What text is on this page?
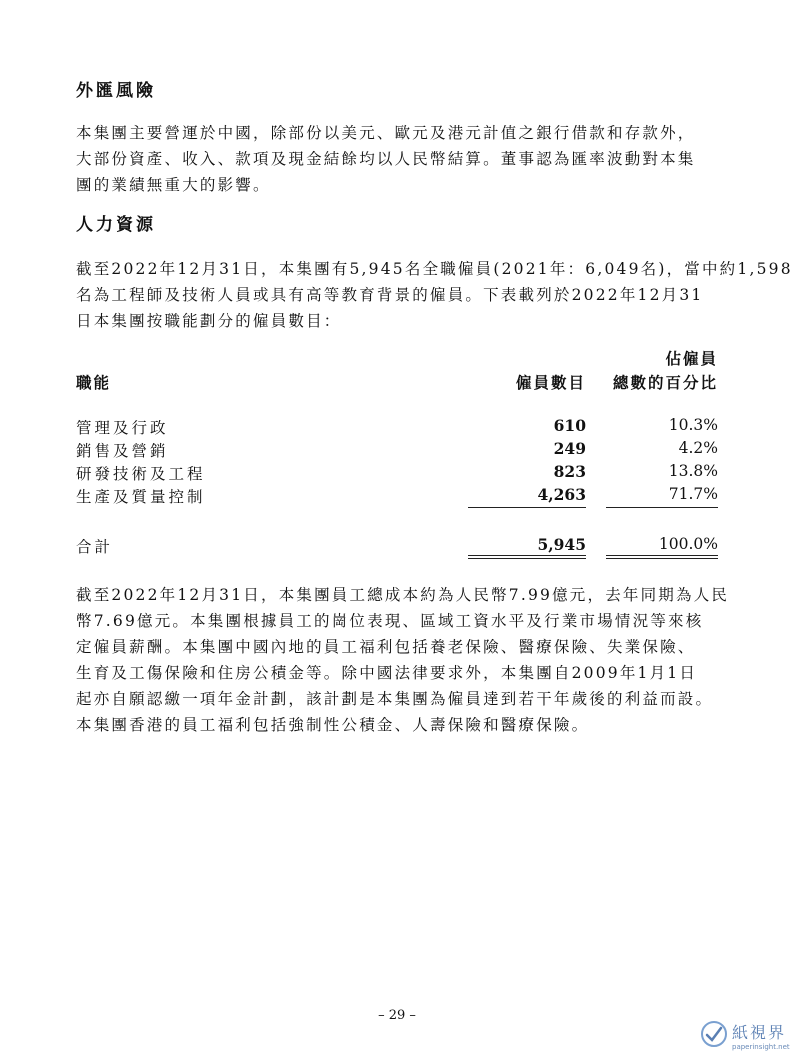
外匯風險
本集團主要營運於中國，除部份以美元、歐元及港元計值之銀行借款和存款外，
大部份資產、收入、款項及現金結餘均以人民幣結算。董事認為匯率波動對本集
團的業績無重大的影響。
人力資源
截至2022年12月31日，本集團有5,945名全職僱員(2021年：6,049名)，當中約1,598
名為工程師及技術人員或具有高等教育背景的僱員。下表載列於2022年12月31
日本集團按職能劃分的僱員數目：
職能	僱員數目
佔僱員
總數的百分比
管理及行政	610	10.3%
銷售及營銷	249	4.2%
研發技術及工程	823	13.8%
生產及質量控制	4,263	71.7%
合計	5,945	100.0%
截至2022年12月31日，本集團員工總成本約為人民幣7.99億元，去年同期為人民
幣7.69億元。本集團根據員工的崗位表現、區域工資水平及行業市場情況等來核
定僱員薪酬。本集團中國內地的員工福利包括養老保險、醫療保險、失業保險、
生育及工傷保險和住房公積金等。除中國法律要求外，本集團自2009年1月1日
起亦自願認繳一項年金計劃，該計劃是本集團為僱員達到若干年歲後的利益而設。
本集團香港的員工福利包括強制性公積金、人壽保險和醫療保險。
– 29 –
紙視界
paperinsight.net
